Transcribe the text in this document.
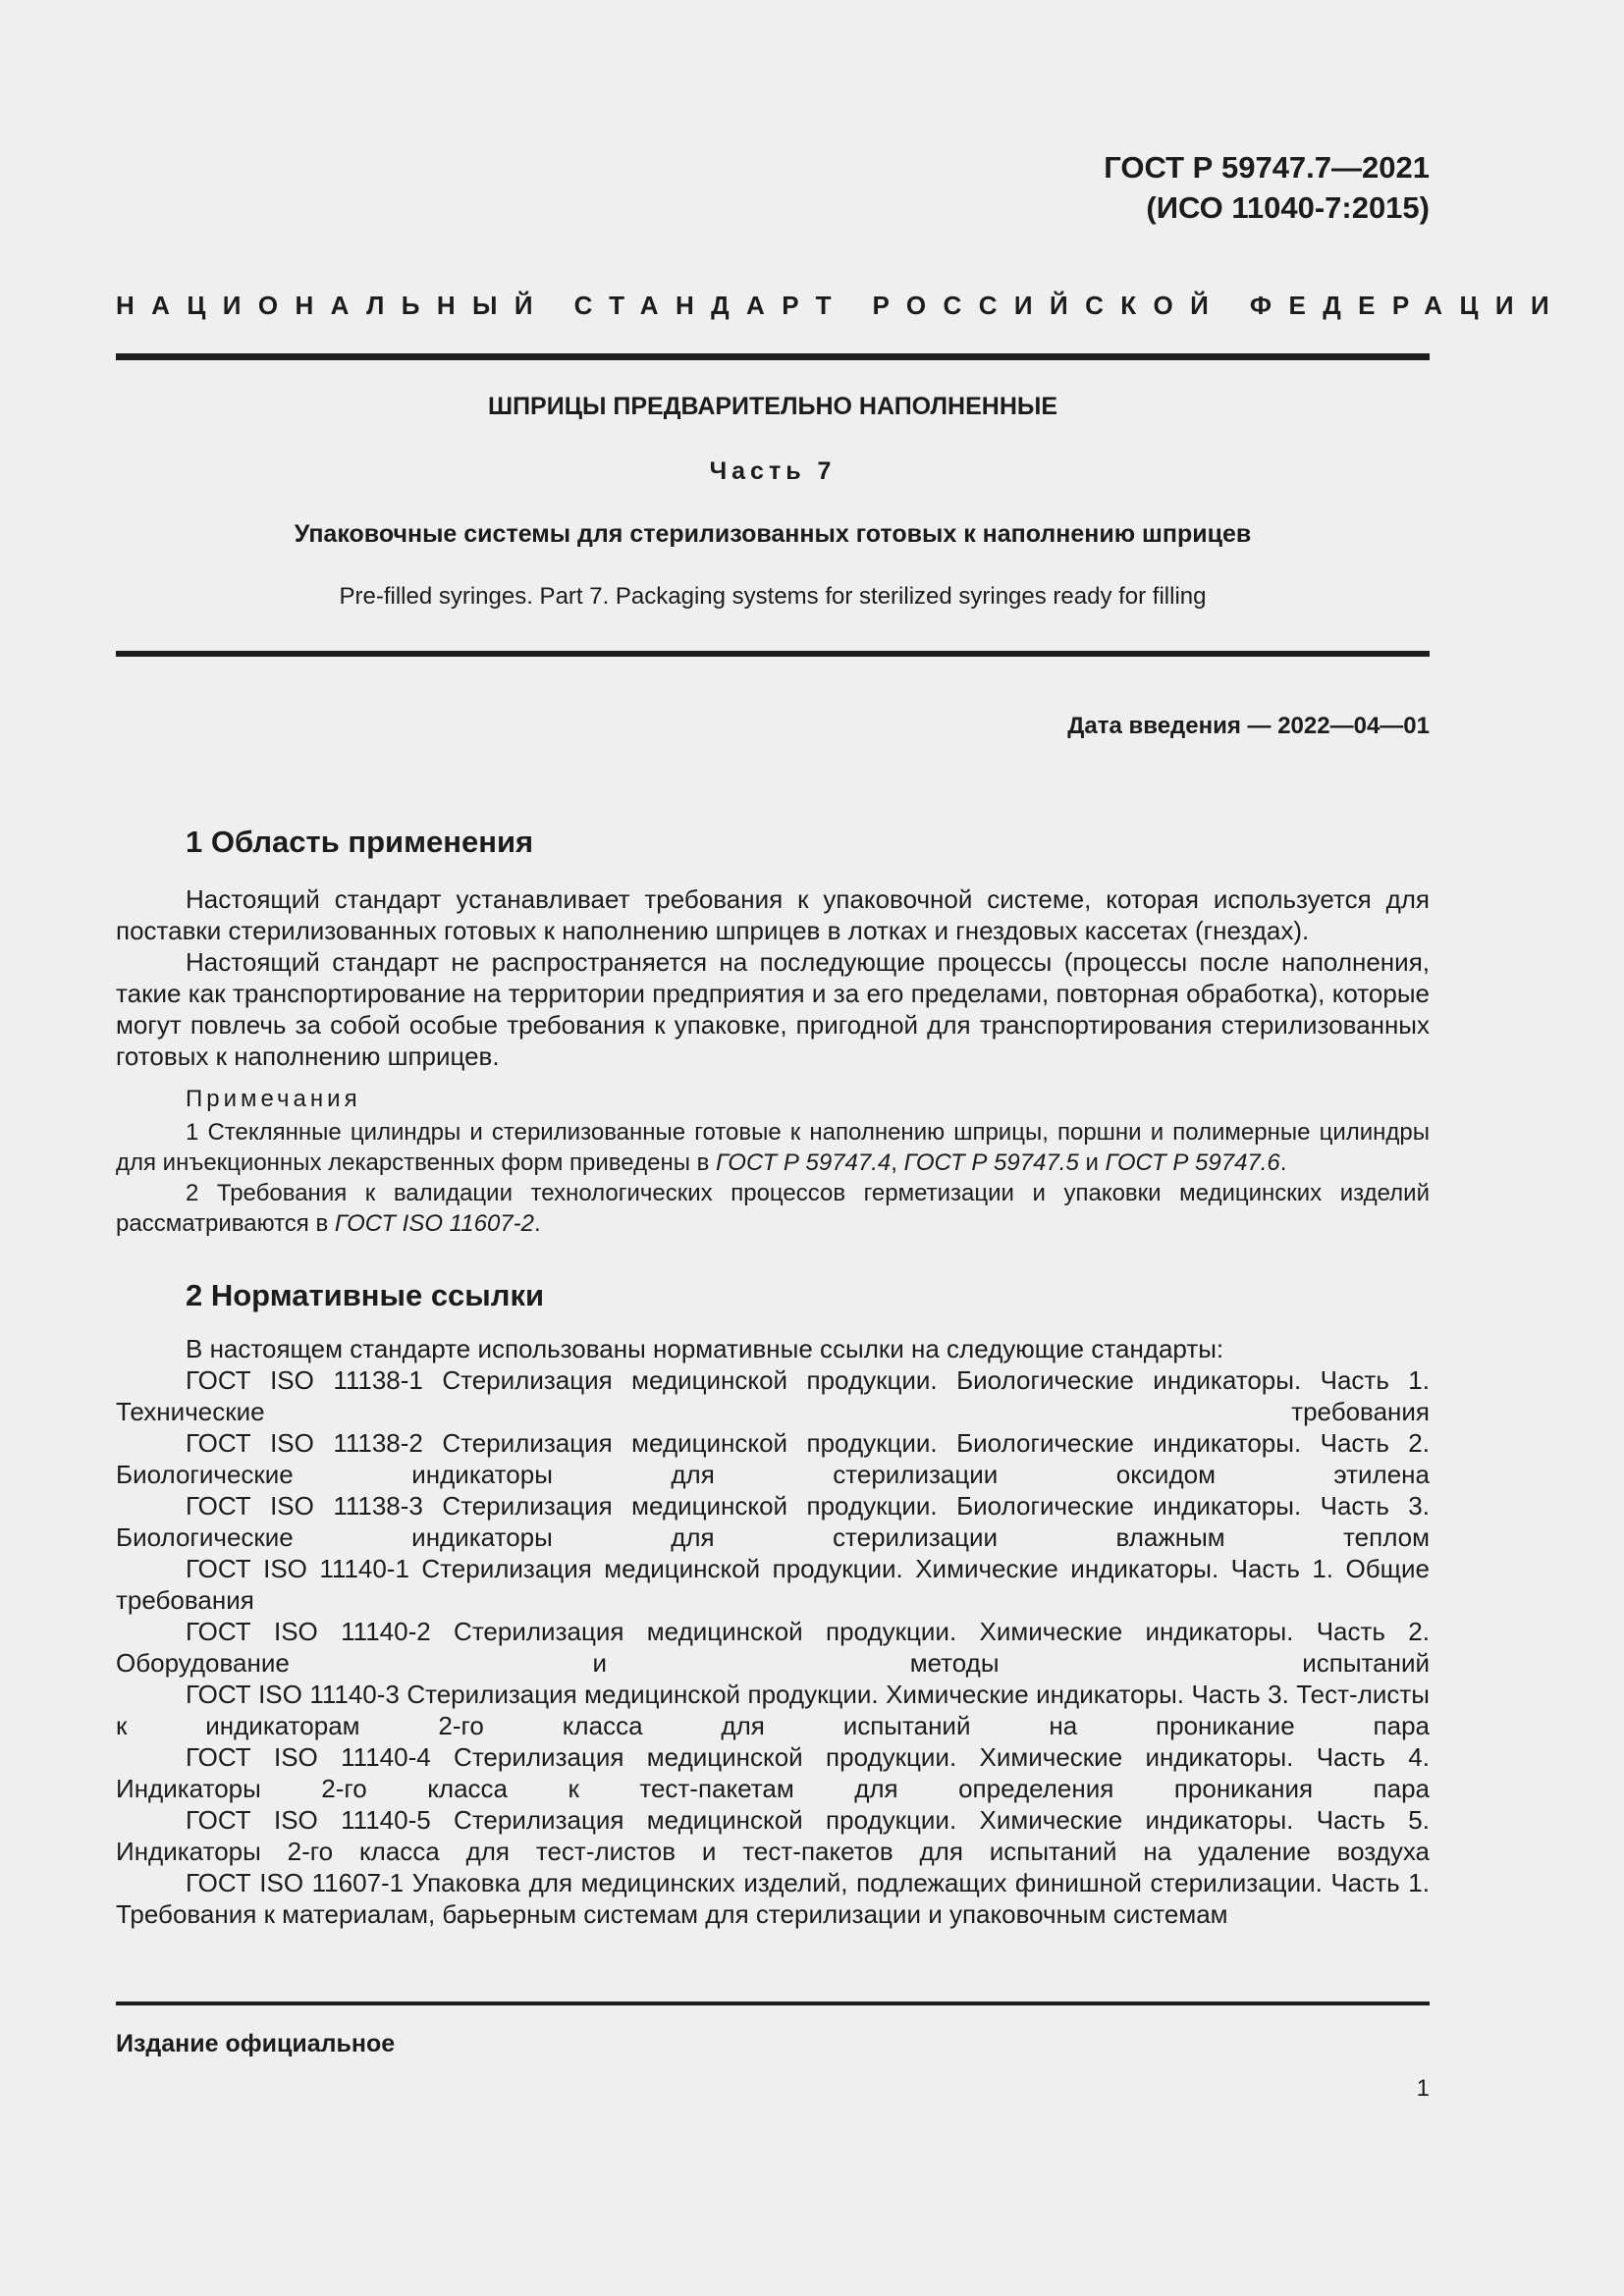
ГОСТ Р 59747.7—2021
(ИСО 11040-7:2015)
НАЦИОНАЛЬНЫЙ СТАНДАРТ РОССИЙСКОЙ ФЕДЕРАЦИИ
ШПРИЦЫ ПРЕДВАРИТЕЛЬНО НАПОЛНЕННЫЕ
Часть 7
Упаковочные системы для стерилизованных готовых к наполнению шприцев
Pre-filled syringes. Part 7. Packaging systems for sterilized syringes ready for filling
Дата введения — 2022—04—01
1 Область применения
Настоящий стандарт устанавливает требования к упаковочной системе, которая используется для поставки стерилизованных готовых к наполнению шприцев в лотках и гнездовых кассетах (гнездах).
Настоящий стандарт не распространяется на последующие процессы (процессы после наполнения, такие как транспортирование на территории предприятия и за его пределами, повторная обработка), которые могут повлечь за собой особые требования к упаковке, пригодной для транспортирования стерилизованных готовых к наполнению шприцев.
Примечания
1 Стеклянные цилиндры и стерилизованные готовые к наполнению шприцы, поршни и полимерные цилиндры для инъекционных лекарственных форм приведены в ГОСТ Р 59747.4, ГОСТ Р 59747.5 и ГОСТ Р 59747.6.
2 Требования к валидации технологических процессов герметизации и упаковки медицинских изделий рассматриваются в ГОСТ ISO 11607-2.
2 Нормативные ссылки
В настоящем стандарте использованы нормативные ссылки на следующие стандарты:
ГОСТ ISO 11138-1 Стерилизация медицинской продукции. Биологические индикаторы. Часть 1. Технические требования
ГОСТ ISO 11138-2 Стерилизация медицинской продукции. Биологические индикаторы. Часть 2. Биологические индикаторы для стерилизации оксидом этилена
ГОСТ ISO 11138-3 Стерилизация медицинской продукции. Биологические индикаторы. Часть 3. Биологические индикаторы для стерилизации влажным теплом
ГОСТ ISO 11140-1 Стерилизация медицинской продукции. Химические индикаторы. Часть 1. Общие требования
ГОСТ ISO 11140-2 Стерилизация медицинской продукции. Химические индикаторы. Часть 2. Оборудование и методы испытаний
ГОСТ ISO 11140-3 Стерилизация медицинской продукции. Химические индикаторы. Часть 3. Тест-листы к индикаторам 2-го класса для испытаний на проникание пара
ГОСТ ISO 11140-4 Стерилизация медицинской продукции. Химические индикаторы. Часть 4. Индикаторы 2-го класса к тест-пакетам для определения проникания пара
ГОСТ ISO 11140-5 Стерилизация медицинской продукции. Химические индикаторы. Часть 5. Индикаторы 2-го класса для тест-листов и тест-пакетов для испытаний на удаление воздуха
ГОСТ ISO 11607-1 Упаковка для медицинских изделий, подлежащих финишной стерилизации. Часть 1. Требования к материалам, барьерным системам для стерилизации и упаковочным системам
Издание официальное
1
